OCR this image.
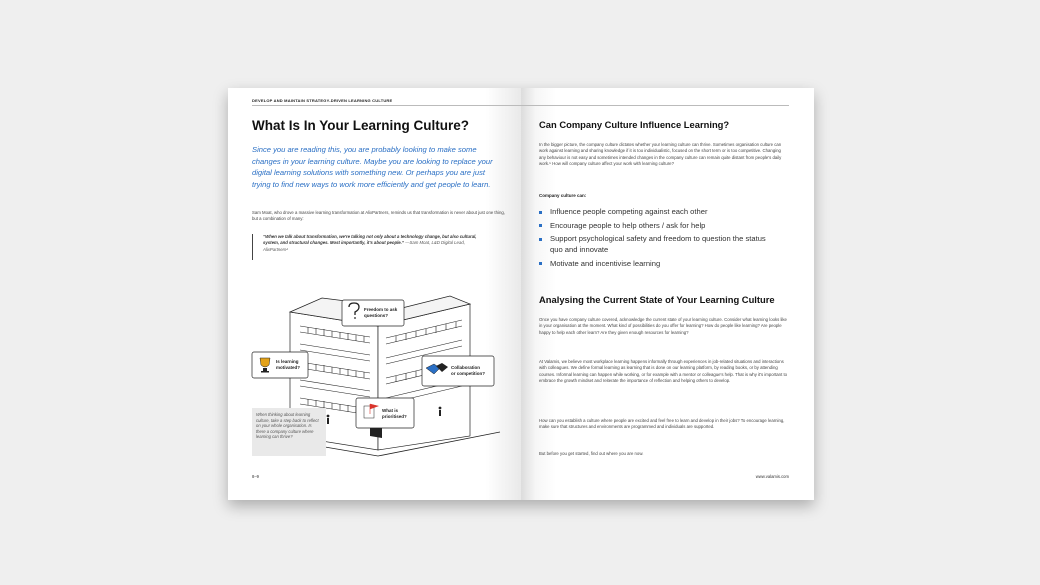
DEVELOP AND MAINTAIN STRATEGY-DRIVEN LEARNING CULTURE

What Is In Your Learning Culture?

Since you are reading this, you are probably looking to make some changes in your learning culture. Maybe you are looking to replace your digital learning solutions with something new. Or perhaps you are just trying to find new ways to work more efficiently and get people to learn.

Sam Moat, who drove a massive learning transformation at AlixPartners, reminds us that transformation is never about just one thing, but a combination of many:

“When we talk about transformation, we're talking not only about a technology change, but also cultural, system, and structural changes. Most importantly, it's about people.” —Sam Moat, L&D Digital Lead, AlixPartners⁴

Is learning
motivated?
Freedom to ask
questions?
Collaboration
or competition?
What is
prioritised?

When thinking about learning culture, take a step back to reflect on your whole organisation. Is there a company culture where learning can thrive?

8–9

Can Company Culture Influence Learning?

In the bigger picture, the company culture dictates whether your learning culture can thrive. Sometimes organisation culture can work against learning and sharing knowledge if it is too individualistic, focused on the short term or is too competitive. Changing any behaviour is not easy and sometimes intended changes in the company culture can remain quite distant from people's daily work.⁵ How will company culture affect your work with learning culture?

Company culture can:

Influence people competing against each other
Encourage people to help others / ask for help
Support psychological safety and freedom to question the status quo and innovate
Motivate and incentivise learning
Analysing the Current State of Your Learning Culture

Once you have company culture covered, acknowledge the current state of your learning culture. Consider what learning looks like in your organisation at the moment. What kind of possibilities do you offer for learning? How do people like learning? Are people happy to help each other learn? Are they given enough resources for learning?

At Valamis, we believe most workplace learning happens informally through experiences in job-related situations and interactions with colleagues. We define formal learning as learning that is done on our learning platform, by reading books, or by attending courses. Informal learning can happen while working, or for example with a mentor or colleague's help. That is why it's important to embrace the growth mindset and reiterate the importance of reflection and helping others to develop.

How can you establish a culture where people are excited and feel free to learn and develop in their jobs? To encourage learning, make sure that structures and environments are programmed and individuals are supported.

But before you get started, find out where you are now.

www.valamis.com
